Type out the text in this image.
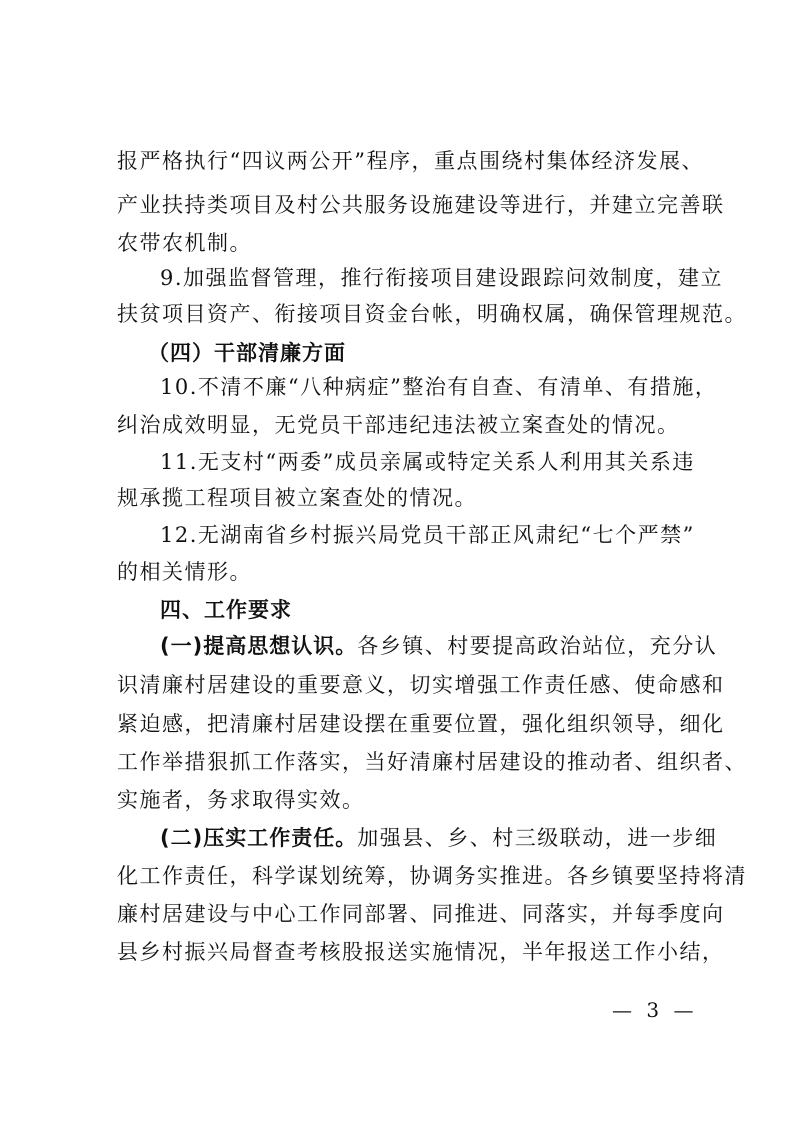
报严格执行“四议两公开”程序，重点围绕村集体经济发展、
产业扶持类项目及村公共服务设施建设等进行，并建立完善联
农带农机制。
9.加强监督管理，推行衔接项目建设跟踪问效制度，建立
扶贫项目资产、衔接项目资金台帐，明确权属，确保管理规范。
（四）干部清廉方面
10.不清不廉“八种病症”整治有自查、有清单、有措施，
纠治成效明显，无党员干部违纪违法被立案查处的情况。
11.无支村“两委”成员亲属或特定关系人利用其关系违
规承揽工程项目被立案查处的情况。
12.无湖南省乡村振兴局党员干部正风肃纪“七个严禁”
的相关情形。
四、工作要求
(一)提高思想认识。各乡镇、村要提高政治站位，充分认
识清廉村居建设的重要意义，切实增强工作责任感、使命感和
紧迫感，把清廉村居建设摆在重要位置，强化组织领导，细化
工作举措狠抓工作落实，当好清廉村居建设的推动者、组织者、
实施者，务求取得实效。
(二)压实工作责任。加强县、乡、村三级联动，进一步细
化工作责任，科学谋划统筹，协调务实推进。各乡镇要坚持将清
廉村居建设与中心工作同部署、同推进、同落实，并每季度向
县乡村振兴局督查考核股报送实施情况，半年报送工作小结，
— 3 —
